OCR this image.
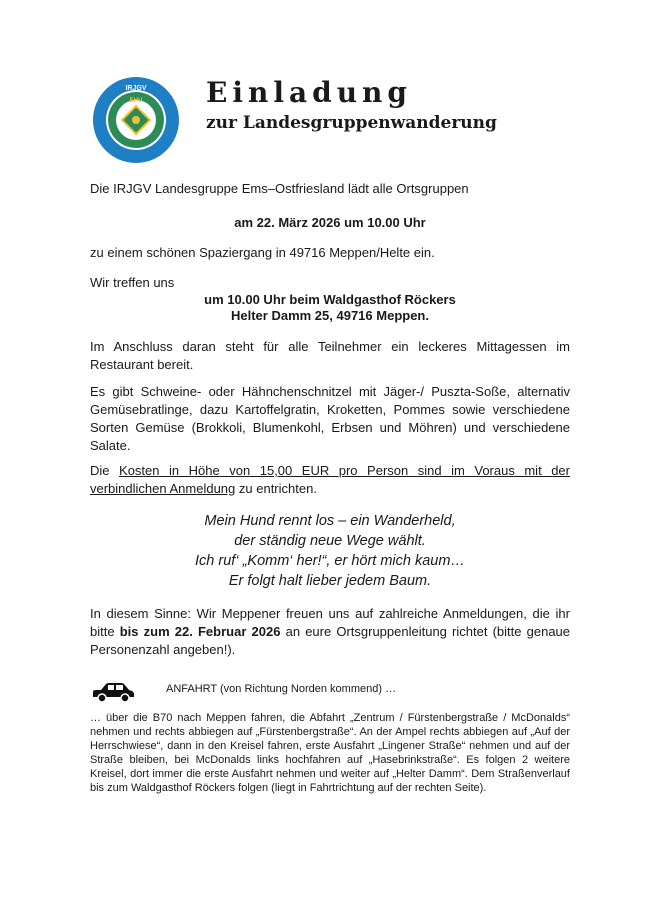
IRJGV
EHU Einladung
zur Landesgruppenwanderung

Die IRJGV Landesgruppe Ems–Ostfriesland lädt alle Ortsgruppen

am 22. März 2026 um 10.00 Uhr

zu einem schönen Spaziergang in 49716 Meppen/Helte ein.

Wir treffen uns

um 10.00 Uhr beim Waldgasthof Röckers

Helter Damm 25, 49716 Meppen.

Im Anschluss daran steht für alle Teilnehmer ein leckeres Mittagessen im Restaurant bereit.

Es gibt Schweine- oder Hähnchenschnitzel mit Jäger-/ Puszta-Soße, alternativ Gemüsebratlinge, dazu Kartoffelgratin, Kroketten, Pommes sowie verschiedene Sorten Gemüse (Brokkoli, Blumenkohl, Erbsen und Möhren) und verschiedene Salate.

Die Kosten in Höhe von 15,00 EUR pro Person sind im Voraus mit der verbindlichen Anmeldung zu entrichten.

Mein Hund rennt los – ein Wanderheld,
der ständig neue Wege wählt.
Ich ruf‘ „Komm‘ her!“, er hört mich kaum…
Er folgt halt lieber jedem Baum.

In diesem Sinne: Wir Meppener freuen uns auf zahlreiche Anmeldungen, die ihr bitte bis zum 22. Februar 2026 an eure Ortsgruppenleitung richtet (bitte genaue Personenzahl angeben!).

ANFAHRT (von Richtung Norden kommend) …

… über die B70 nach Meppen fahren, die Abfahrt „Zentrum / Fürstenbergstraße / McDonalds“ nehmen und rechts abbiegen auf „Fürstenbergstraße“. An der Ampel rechts abbiegen auf „Auf der Herrschwiese“, dann in den Kreisel fahren, erste Ausfahrt „Lingener Straße“ nehmen und auf der Straße bleiben, bei McDonalds links hochfahren auf „Hasebrinkstraße“. Es folgen 2 weitere Kreisel, dort immer die erste Ausfahrt nehmen und weiter auf „Helter Damm“. Dem Straßenverlauf bis zum Waldgasthof Röckers folgen (liegt in Fahrtrichtung auf der rechten Seite).
